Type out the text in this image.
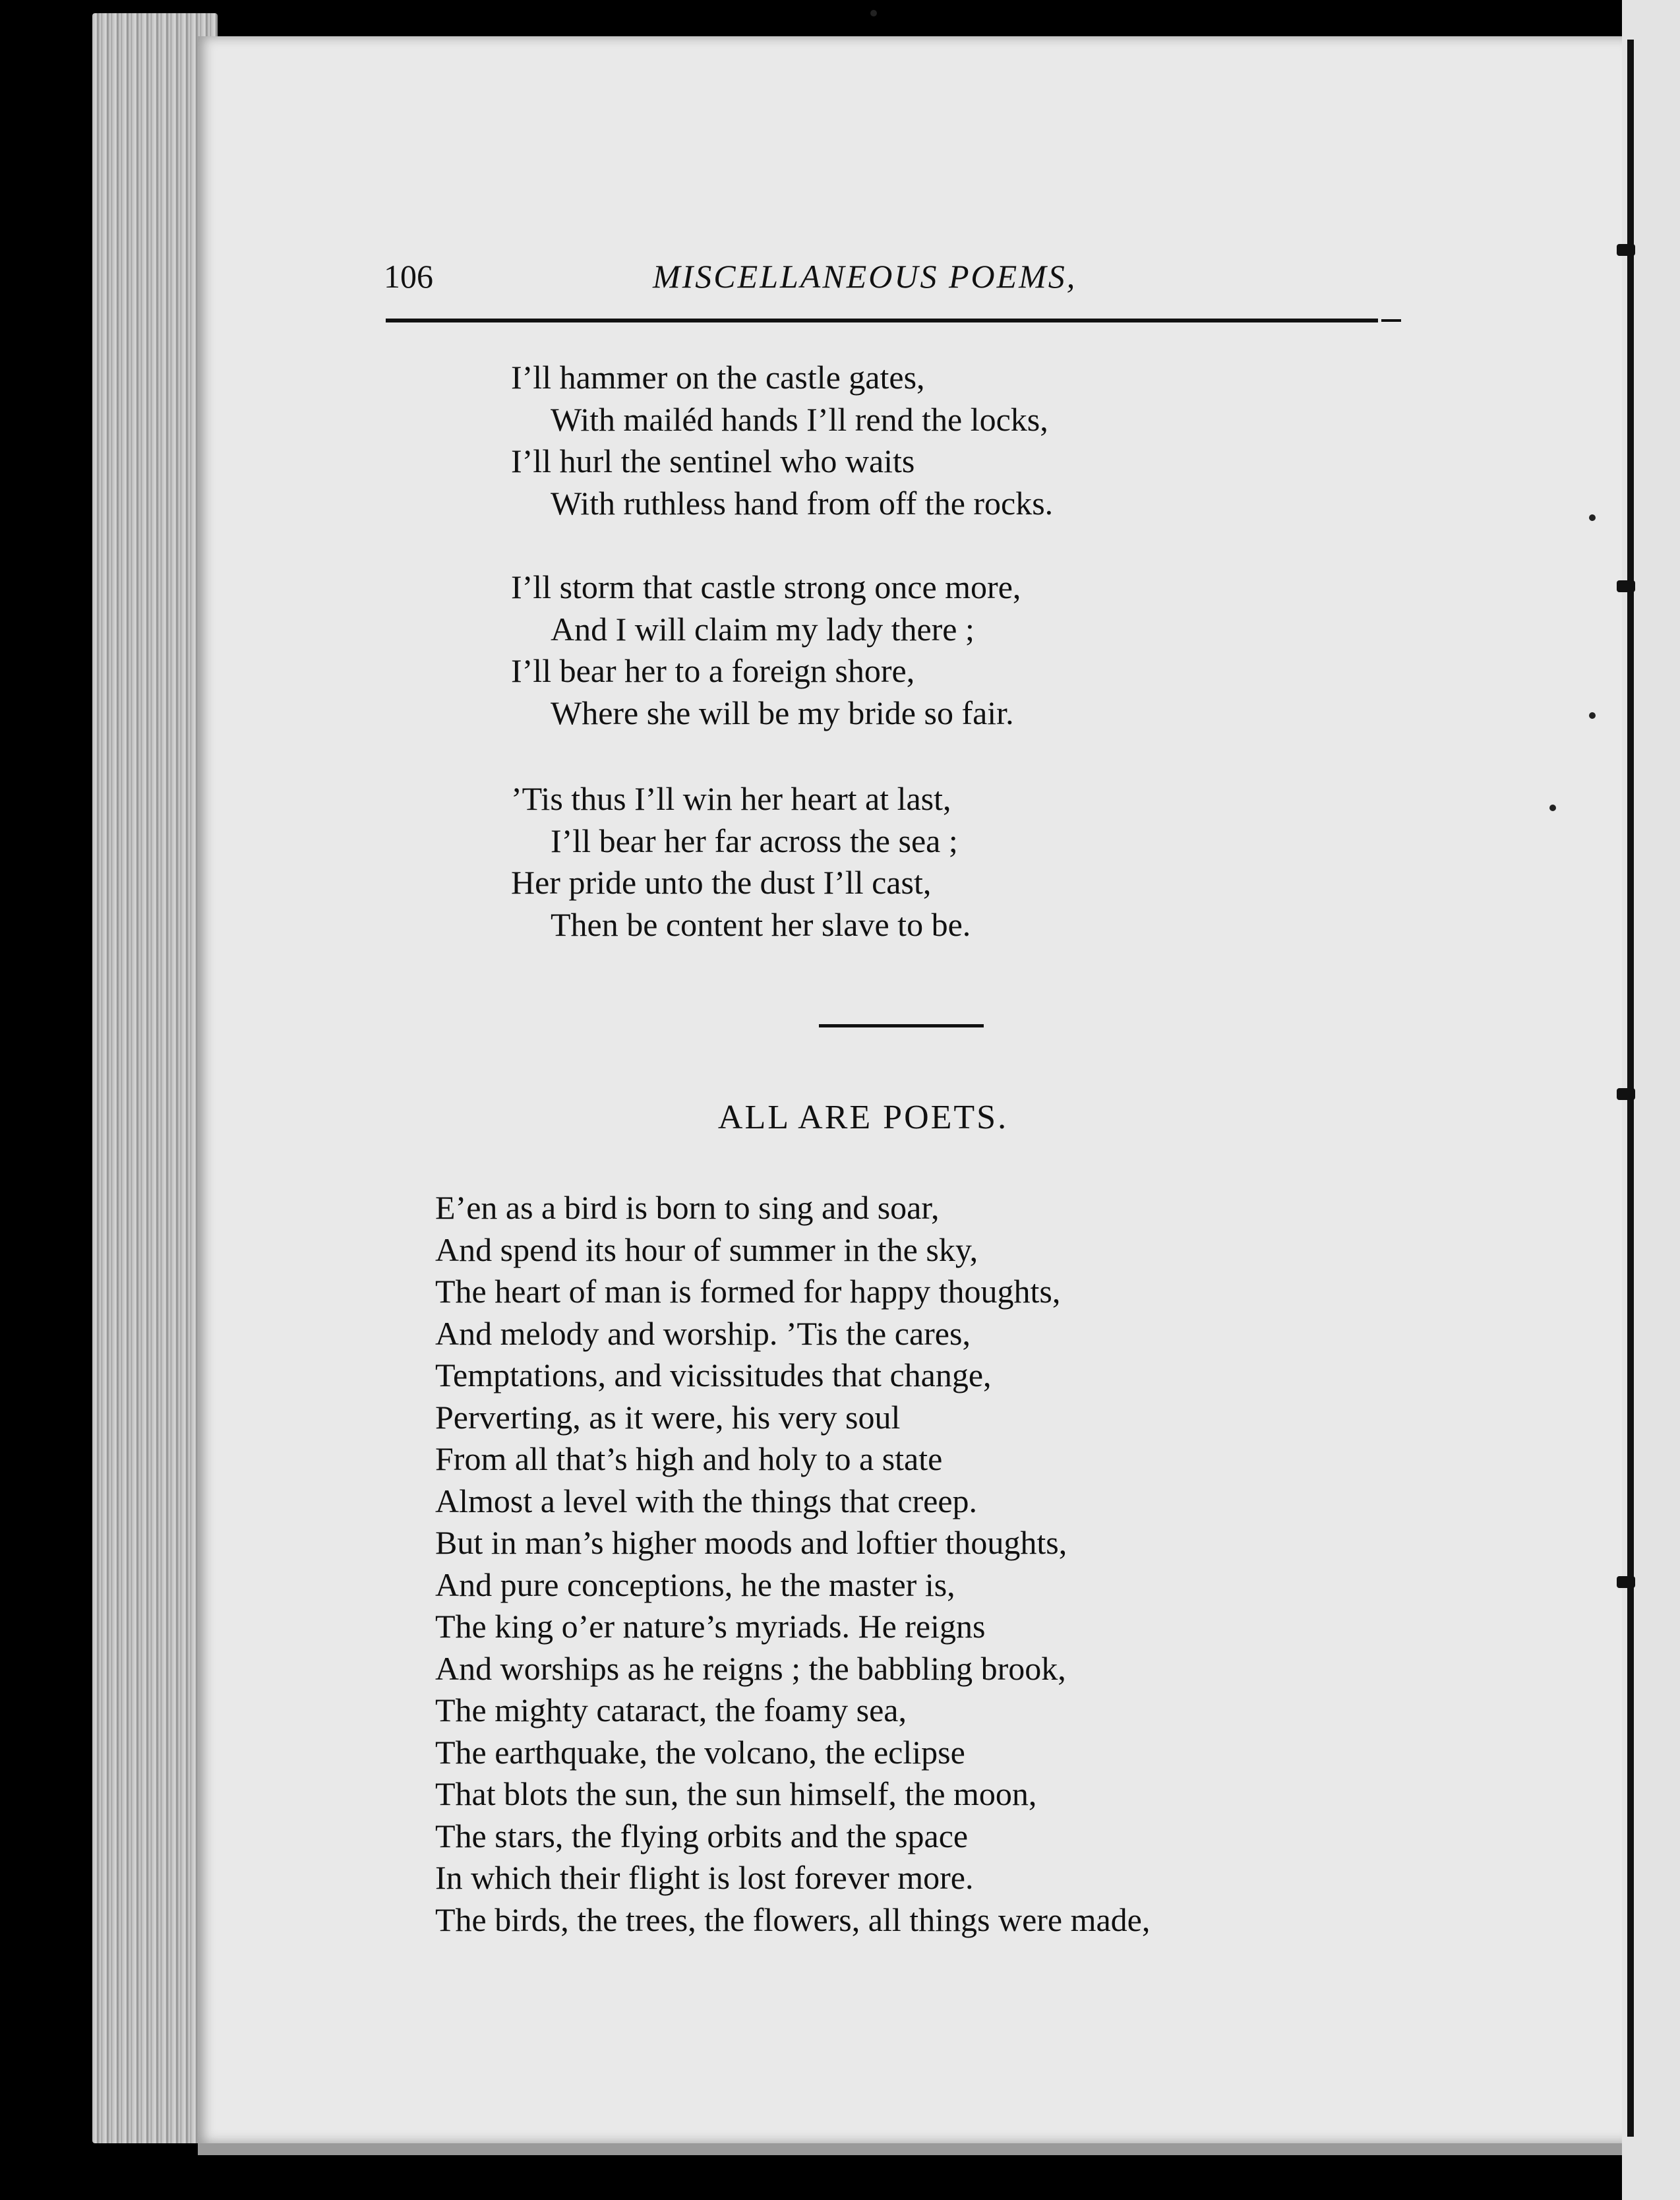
106	MISCELLANEOUS POEMS,
I’ll hammer on the castle gates,
With mailéd hands I’ll rend the locks,
I’ll hurl the sentinel who waits
With ruthless hand from off the rocks.
I’ll storm that castle strong once more,
And I will claim my lady there ;
I’ll bear her to a foreign shore,
Where she will be my bride so fair.
’Tis thus I’ll win her heart at last,
I’ll bear her far across the sea ;
Her pride unto the dust I’ll cast,
Then be content her slave to be.
ALL ARE POETS.
E’en as a bird is born to sing and soar,
And spend its hour of summer in the sky,
The heart of man is formed for happy thoughts,
And melody and worship. ’Tis the cares,
Temptations, and vicissitudes that change,
Perverting, as it were, his very soul
From all that’s high and holy to a state
Almost a level with the things that creep.
But in man’s higher moods and loftier thoughts,
And pure conceptions, he the master is,
The king o’er nature’s myriads. He reigns
And worships as he reigns ; the babbling brook,
The mighty cataract, the foamy sea,
The earthquake, the volcano, the eclipse
That blots the sun, the sun himself, the moon,
The stars, the flying orbits and the space
In which their flight is lost forever more.
The birds, the trees, the flowers, all things were made,
